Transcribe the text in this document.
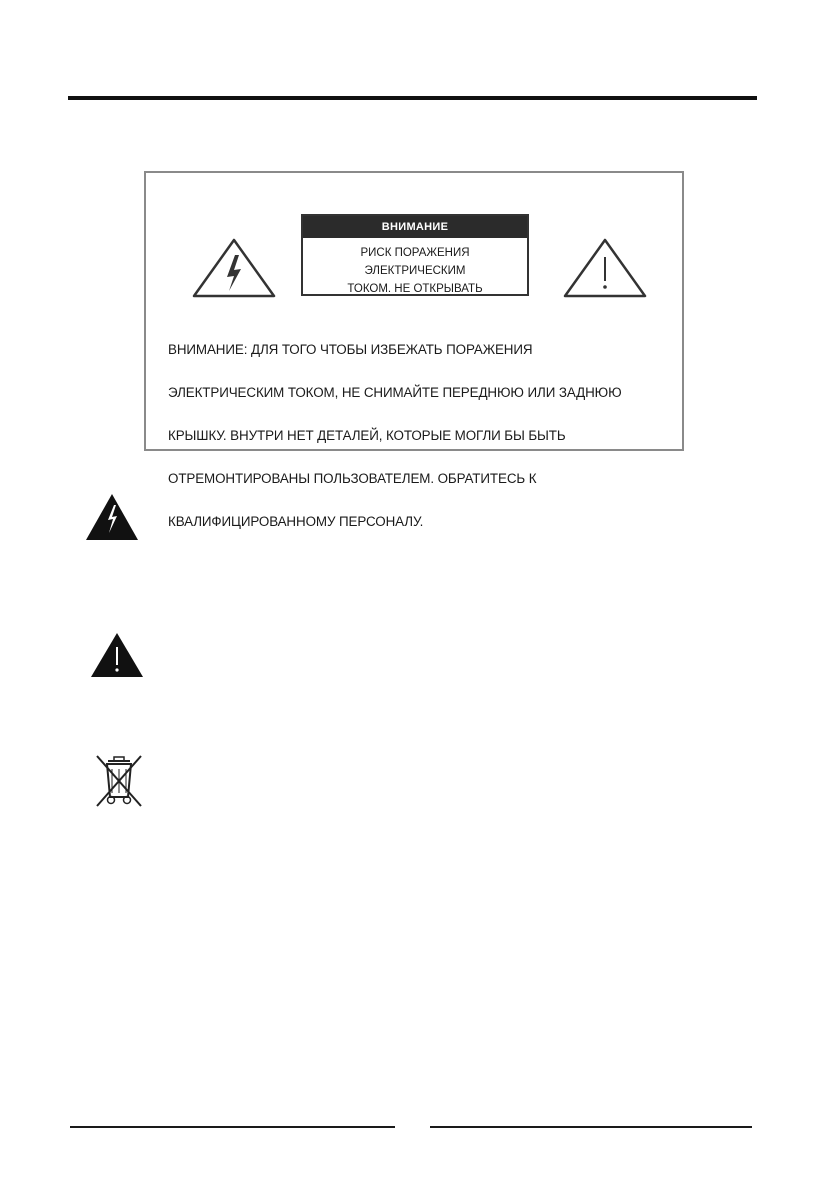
ВНИМАНИЕ
РИСК ПОРАЖЕНИЯ ЭЛЕКТРИЧЕСКИМ
ТОКОМ. НЕ ОТКРЫВАТЬ

ВНИМАНИЕ: ДЛЯ ТОГО ЧТОБЫ ИЗБЕЖАТЬ ПОРАЖЕНИЯ

ЭЛЕКТРИЧЕСКИМ ТОКОМ, НЕ СНИМАЙТЕ ПЕРЕДНЮЮ ИЛИ ЗАДНЮЮ

КРЫШКУ. ВНУТРИ НЕТ ДЕТАЛЕЙ, КОТОРЫЕ МОГЛИ БЫ БЫТЬ

ОТРЕМОНТИРОВАНЫ ПОЛЬЗОВАТЕЛЕМ. ОБРАТИТЕСЬ К

КВАЛИФИЦИРОВАННОМУ ПЕРСОНАЛУ.
